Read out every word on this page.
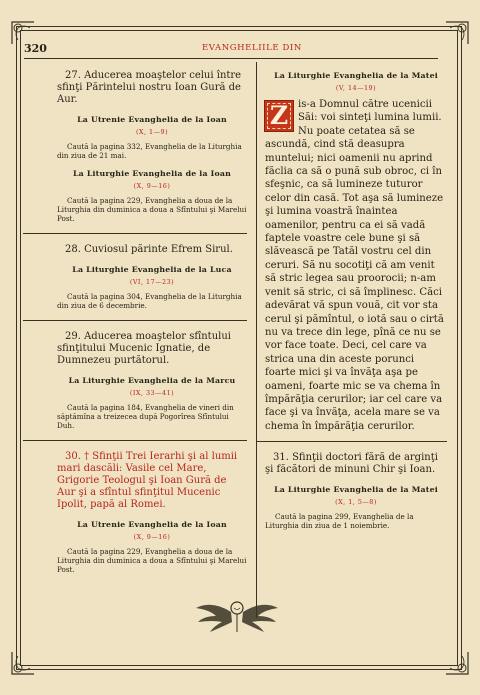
320	EVANGHELIILE DIN

27. Aducerea moaştelor celui între sfinţi Părintelui nostru Ioan Gură de Aur.

La Utrenie Evanghelia de la Ioan
(X, 1—9)

Caută la pagina 332, Evanghelia de la Liturghia din ziua de 21 mai.

La Liturghie Evanghelia de la Ioan
(X, 9—16)

Caută la pagina 229, Evanghelia a doua de la Liturghia din duminica a doua a Sfîntului şi Marelui Post.

28. Cuviosul părinte Efrem Sirul.

La Liturghie Evanghelia de la Luca
(VI, 17—23)

Caută la pagina 304, Evanghelia de la Liturghia din ziua de 6 decembrie.

29. Aducerea moaştelor sfîntului sfinţitului Mucenic Ignatie, de Dumnezeu purtătorul.

La Liturghie Evanghelia de la Marcu
(IX, 33—41)

Caută la pagina 184, Evanghelia de vineri din săptămîna a treizecea după Pogorîrea Sfîntului Duh.

30. † Sfinţii Trei Ierarhi şi al lumii mari dascăli: Vasile cel Mare, Grigorie Teologul şi Ioan Gură de Aur şi a sfîntul sfinţitul Mucenic Ipolit, papă al Romei.

La Utrenie Evanghelia de la Ioan
(X, 9—16)

Caută la pagina 229, Evanghelia a doua de la Liturghia din duminica a doua a Sfîntului şi Marelui Post.

La Liturghie Evanghelia de la Matei
(V, 14—19)

Z is-a Domnul către ucenicii Săi: voi sinteţi lumina lumii. Nu poate cetatea să se ascundă, cind stă deasupra muntelui; nici oamenii nu aprind făclia ca să o pună sub obroc, ci în sfeşnic, ca să lumineze tuturor celor din casă. Tot aşa să lumineze şi lumina voastră înaintea oamenilor, pentru ca ei să vadă faptele voastre cele bune şi să slăvească pe Tatăl vostru cel din ceruri. Să nu socotiţi că am venit să stric legea sau proorocii; n-am venit să stric, ci să împlinesc. Căci adevărat vă spun vouă, cit vor sta cerul şi pămîntul, o iotă sau o cirtă nu va trece din lege, pînă ce nu se vor face toate. Deci, cel care va strica una din aceste porunci foarte mici şi va învăţa aşa pe oameni, foarte mic se va chema în împărăţia cerurilor; iar cel care va face şi va învăţa, acela mare se va chema în împărăţia cerurilor.

31. Sfinţii doctori fără de arginţi şi făcători de minuni Chir şi Ioan.

La Liturghie Evanghelia de la Matei
(X, 1, 5—8)

Caută la pagina 299, Evanghelia de la Liturghia din ziua de 1 noiembrie.
